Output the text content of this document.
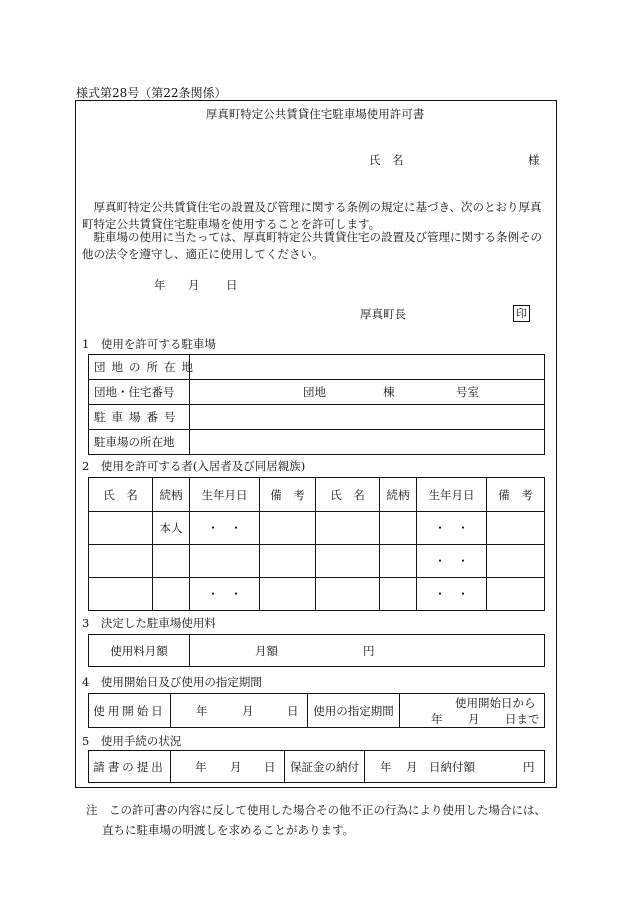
様式第28号（第22条関係）
厚真町特定公共賃貸住宅駐車場使用許可書
氏　名	様
　厚真町特定公共賃貸住宅の設置及び管理に関する条例の規定に基づき、次のとおり厚真
町特定公共賃貸住宅駐車場を使用することを許可します。
　駐車場の使用に当たっては、厚真町特定公共賃貸住宅の設置及び管理に関する条例その
他の法令を遵守し、適正に使用してください。
年 月 日
厚真町長	印
1　使用を許可する駐車場
団地の所在地	
団地・住宅番号	団地 棟 号室

駐車場番号	
駐車場の所在地	
2　使用を許可する者(入居者及び同居親族)
氏　名	続柄	生年月日	備　考	氏　名	続柄	生年月日	備　考
	本人	・　・				・　・	
						・　・	
		・　・				・　・	
3　決定した駐車場使用料
使用料月額	月額	円
4　使用開始日及び使用の指定期間
使用開始日	年	月	日	使用の指定期間	
使用開始日から
年 月 日まで
5　使用手続の状況
請書の提出	年 月 日	保証金の納付	年 月 日納付額	円
注　この許可書の内容に反して使用した場合その他不正の行為により使用した場合には、
直ちに駐車場の明渡しを求めることがあります。
